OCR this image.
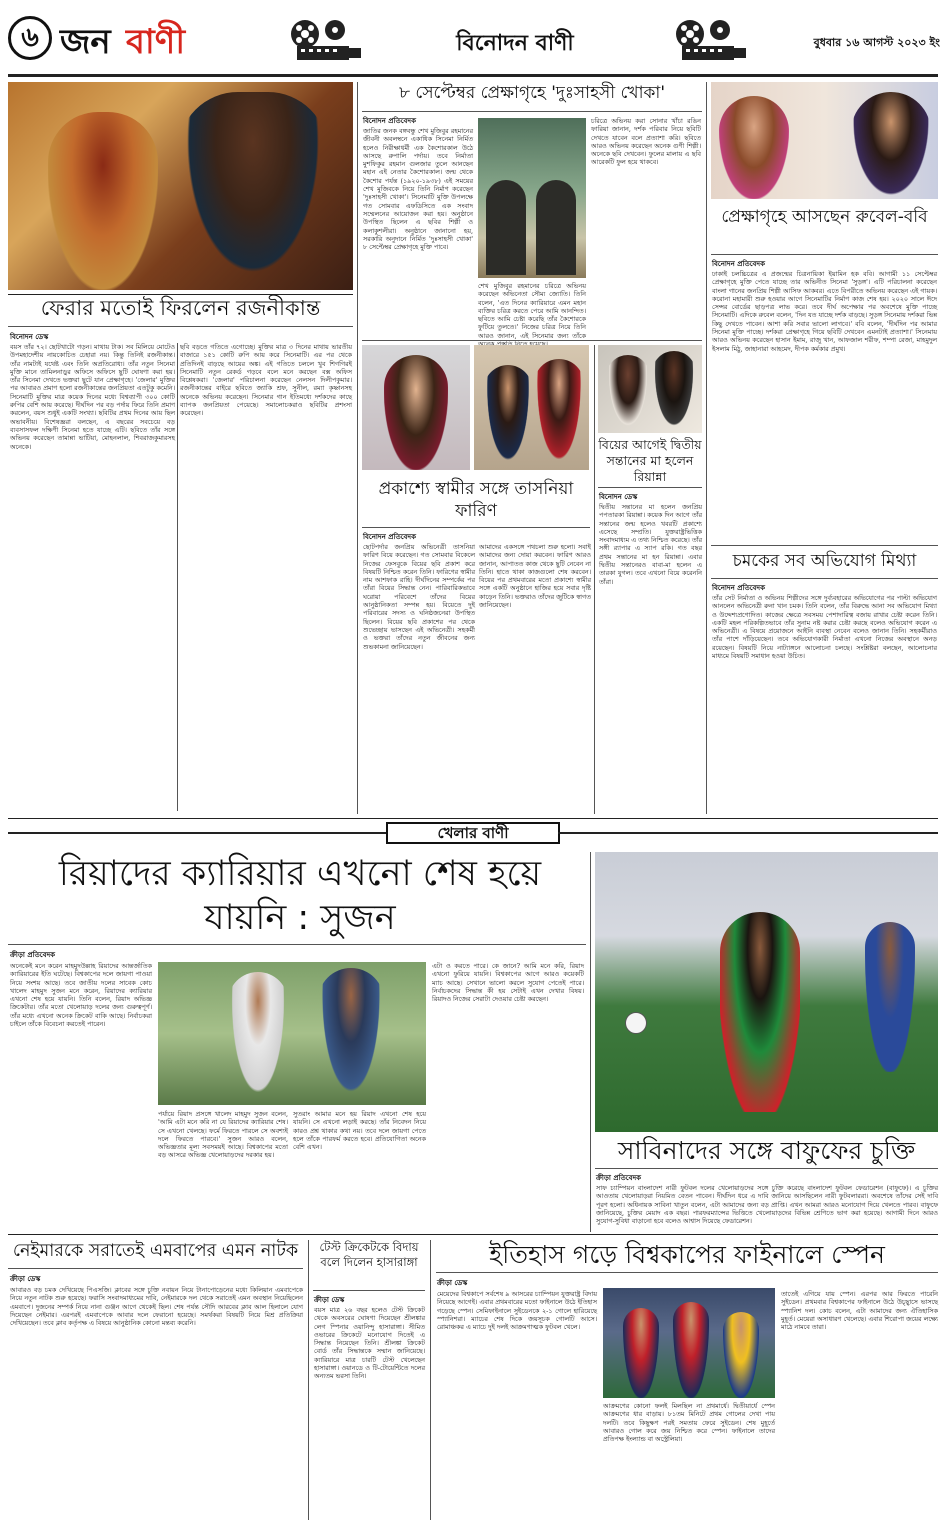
৬ জন বাণী	বিনোদন বাণী	বুধবার ১৬ আগস্ট ২০২৩ ইং
ফেরার মতোই ফিরলেন রজনীকান্ত
বিনোদন ডেস্ক
বয়স তাঁর ৭২। ছোটখাটো গড়ন। মাথায় টাক। সব মিলিয়ে মোটেও উপমহাদেশীয় নায়কোচিত চেহারা নয়। কিন্তু তিনিই রজনীকান্ত। তাঁর নামটাই যথেষ্ট এবং তিনি অপ্রতিরোধ্য। তাঁর নতুন সিনেমা মুক্তি মানে তামিলনাড়ুর অফিসে অফিসে ছুটি ঘোষণা করা হয়। তাঁর সিনেমা দেখতে ভক্তরা ছুটে যান প্রেক্ষাগৃহে। 'জেলার' মুক্তির পর আবারও প্রমাণ হলো রজনীকান্তের জনপ্রিয়তা এতটুকু কমেনি। সিনেমাটি মুক্তির মাত্র কয়েক দিনের মধ্যে বিশ্বব্যাপী ৩০০ কোটি রুপির বেশি আয় করেছে। দীর্ঘদিন পর বড় পর্দায় ফিরে তিনি প্রমাণ করলেন, বয়স শুধুই একটি সংখ্যা। ছবিটির প্রথম দিনের আয় ছিল অভাবনীয়। বিশেষজ্ঞরা বলছেন, এ বছরের সবচেয়ে বড় ব্যবসাসফল দক্ষিণী সিনেমা হতে যাচ্ছে এটি। ছবিতে তাঁর সঙ্গে অভিনয় করেছেন তামান্না ভাটিয়া, মোহনলাল, শিবরাজকুমারসহ অনেকে।
ছবি বড়তে গতিতে এগোচ্ছে। মুক্তির মাত্র ৩ দিনের মাথায় ভারতীয় বাজারে ১৫১ কোটি রুপি আয় করে সিনেমাটি। এর পর থেকে প্রতিদিনই বাড়ছে আয়ের অঙ্ক। এই গতিতে চললে খুব শিগগিরই সিনেমাটি নতুন রেকর্ড গড়বে বলে মনে করছেন বক্স অফিস বিশ্লেষকরা। 'জেলার' পরিচালনা করেছেন নেলসন দিলীপকুমার। রজনীকান্তের বাইরে ছবিতে জ্যাকি শ্রফ, সুনীল, রম্যা কৃষ্ণানসহ অনেকে অভিনয় করেছেন। সিনেমার গান ইতিমধ্যে দর্শকদের কাছে ব্যাপক জনপ্রিয়তা পেয়েছে। সমালোচকরাও ছবিটির প্রশংসা করেছেন।
৮ সেপ্টেম্বর প্রেক্ষাগৃহে 'দুঃসাহসী খোকা'
বিনোদন প্রতিবেদক
জাতির জনক বঙ্গবন্ধু শেখ মুজিবুর রহমানের জীবনী অবলম্বনে একাধিক সিনেমা নির্মিত হলেও নিরীক্ষাধর্মী এক কৈশোরকাল উঠে আসছে রুপালি পর্দায়। তবে নির্মাতা মুশফিকুর রহমান গুলজার তুলে আনছেন মহান এই নেতার কৈশোরকাল। জন্ম থেকে কৈশোর পর্যন্ত (১৯২০-১৯৩৮) এই সময়ের শেখ মুজিবকে নিয়ে তিনি নির্মাণ করেছেন 'দুঃসাহসী খোকা'। সিনেমাটি মুক্তি উপলক্ষে গত সোমবার এফডিসিতে এক সংবাদ সম্মেলনের আয়োজন করা হয়। অনুষ্ঠানে উপস্থিত ছিলেন এ ছবির শিল্পী ও কলাকুশলীরা। অনুষ্ঠানে জানানো হয়, সরকারি অনুদানে নির্মিত 'দুঃসাহসী খোকা' ৮ সেপ্টেম্বর প্রেক্ষাগৃহে মুক্তি পাবে।
শেখ মুজিবুর রহমানের চরিত্রে অভিনয় করেছেন অভিনেতা সৌম্য জ্যোতি। তিনি বলেন, 'এত দিনের ক্যারিয়ারে এমন মহান ব্যক্তির চরিত্র করতে পেরে আমি আনন্দিত। ছবিতে আমি চেষ্টা করেছি তাঁর কৈশোরকে ফুটিয়ে তুলতে।' নিজের চরিত্র নিয়ে তিনি আরও জানান, এই সিনেমার জন্য তাঁকে
চরিত্রে অভিনয় করা সোনার খাঁচা রঙিন ফারিয়া জানান, দর্শক পরিবার নিয়ে ছবিটি দেখতে যাবেন বলে প্রত্যাশা করি। ছবিতে আরও অভিনয় করেছেন অনেক গুণী শিল্পী। অনেকে ছবি দেখবেন। ফুলের মালায় এ ছবি আরেকটি ফুল হয়ে থাকবে।
প্রেক্ষাগৃহে আসছেন রুবেল-ববি
বিনোদন প্রতিবেদক
ঢাকাই চলচ্চিত্রের এ প্রজন্মের চিত্রনায়িকা ইয়ামিন হক ববি। আগামী ১১ সেপ্টেম্বর প্রেক্ষাগৃহে মুক্তি পেতে যাচ্ছে তার অভিনীত সিনেমা 'সুড়ঙ্গ'। এটি পরিচালনা করেছেন বাংলা গানের জনপ্রিয় শিল্পী আসিফ আকবর। এতে বিপরীতে অভিনয় করেছেন এই গায়ক। করোনা মহামারী শুরু হওয়ার আগে সিনেমাটির নির্মাণ কাজ শেষ হয়। ২০২০ সালে ঈদে সেন্সর বোর্ডের ছাড়পত্র লাভ করে। তবে দীর্ঘ অপেক্ষার পর অবশেষে মুক্তি পাচ্ছে সিনেমাটি। এদিকে রুবেল বলেন, 'দিন যত যাচ্ছে দর্শক বাড়ছে। সুড়ঙ্গ সিনেমায় দর্শকরা ভিন্ন কিছু দেখতে পাবেন। আশা করি সবার ভালো লাগবে।' ববি বলেন, 'দীর্ঘদিন পর আমার সিনেমা মুক্তি পাচ্ছে। দর্শকরা প্রেক্ষাগৃহে গিয়ে ছবিটি দেখবেন এমনটাই প্রত্যাশা।' সিনেমায় আরও অভিনয় করেছেন হাসান ইমাম, রাজু খান, আফজাল শরীফ, শম্পা রেজা, মাহমুদুল ইসলাম মিঠু, জাহানারা আহমেদ, দীপক কর্মকার প্রমুখ।
প্রকাশ্যে স্বামীর সঙ্গে তাসনিয়া ফারিণ
বিনোদন প্রতিবেদক
ছোটপর্দার জনপ্রিয় অভিনেত্রী তাসনিয়া ফারিণ বিয়ে করেছেন। গত সোমবার বিকেলে নিজের ফেসবুকে বিয়ের ছবি প্রকাশ করে বিষয়টি নিশ্চিত করেন তিনি। ফারিণের স্বামীর নাম আশফাক রাহি। দীর্ঘদিনের সম্পর্কের পর তাঁরা বিয়ের সিদ্ধান্ত নেন। পারিবারিকভাবে ঘরোয়া পরিবেশে তাঁদের বিয়ের আনুষ্ঠানিকতা সম্পন্ন হয়। বিয়েতে দুই পরিবারের সদস্য ও ঘনিষ্ঠজনেরা উপস্থিত ছিলেন। বিয়ের ছবি প্রকাশের পর থেকে শুভেচ্ছায় ভাসছেন এই অভিনেত্রী। সহকর্মী ও ভক্তরা তাঁদের নতুন জীবনের জন্য শুভকামনা জানিয়েছেন।
আমাদের একসঙ্গে পথচলা শুরু হলো। সবাই আমাদের জন্য দোয়া করবেন। ফারিণ আরও জানান, আপাতত কাজ থেকে ছুটি নেবেন না তিনি। হাতে থাকা কাজগুলো শেষ করবেন। বিয়ের পর প্রথমবারের মতো প্রকাশ্যে স্বামীর সঙ্গে একটি অনুষ্ঠানে হাজির হয়ে সবার দৃষ্টি কাড়েন তিনি। ভক্তরাও তাঁদের জুটিকে স্বাগত জানিয়েছেন।
বিয়ের আগেই দ্বিতীয় সন্তানের মা হলেন রিয়ান্না
বিনোদন ডেস্ক
দ্বিতীয় সন্তানের মা হলেন জনপ্রিয় পপতারকা রিয়ান্না। কয়েক দিন আগে তাঁর সন্তানের জন্ম হলেও খবরটি প্রকাশ্যে এসেছে সম্প্রতি। যুক্তরাষ্ট্রভিত্তিক সংবাদমাধ্যম এ তথ্য নিশ্চিত করেছে। তাঁর সঙ্গী র‍্যাপার এ স্যাপ রকি। গত বছর প্রথম সন্তানের মা হন রিয়ান্না। এবার দ্বিতীয় সন্তানেরও বাবা-মা হলেন এ তারকা যুগল। তবে এখনো বিয়ে করেননি তাঁরা।
চমকের সব অভিযোগ মিথ্যা
বিনোদন প্রতিবেদক
তাঁর সেট নির্মাতা ও অভিনয় শিল্পীদের সঙ্গে দুর্ব্যবহারের অভিযোগের পর পাল্টা অভিযোগ আনলেন অভিনেত্রী রুনা খান চমক। তিনি বলেন, তাঁর বিরুদ্ধে আনা সব অভিযোগ মিথ্যা ও উদ্দেশ্যপ্রণোদিত। কাজের ক্ষেত্রে সবসময় পেশাদারিত্ব বজায় রাখার চেষ্টা করেন তিনি। একটি মহল পরিকল্পিতভাবে তাঁর সুনাম নষ্ট করার চেষ্টা করছে বলেও অভিযোগ করেন এ অভিনেত্রী। এ বিষয়ে প্রয়োজনে আইনি ব্যবস্থা নেবেন বলেও জানান তিনি। সহকর্মীরাও তাঁর পাশে দাঁড়িয়েছেন। তবে অভিযোগকারী নির্মাতা এখনো নিজের অবস্থানে অনড় রয়েছেন। বিষয়টি নিয়ে নাট্যাঙ্গনে আলোচনা চলছে। সংশ্লিষ্টরা বলছেন, আলোচনার মাধ্যমে বিষয়টি সমাধান হওয়া উচিত।
খেলার বাণী
রিয়াদের ক্যারিয়ার এখনো শেষ হয়ে যায়নি : সুজন
ক্রীড়া প্রতিবেদক
অনেকেই মনে করেন মাহমুদউল্লাহ রিয়াদের আন্তর্জাতিক ক্যারিয়ারের ইতি ঘটেছে। বিশ্বকাপের দলে জায়গা পাওয়া নিয়ে সংশয় আছে। তবে জাতীয় দলের সাবেক কোচ খালেদ মাহমুদ সুজন মনে করেন, রিয়াদের ক্যারিয়ার এখনো শেষ হয়ে যায়নি। তিনি বলেন, রিয়াদ অভিজ্ঞ ক্রিকেটার। তাঁর মতো খেলোয়াড় দলের জন্য গুরুত্বপূর্ণ। তাঁর মধ্যে এখনো অনেক ক্রিকেট বাকি আছে। নির্বাচকরা চাইলে তাঁকে বিবেচনা করতেই পারেন।
পর্যায়ে রিয়াদ প্রসঙ্গে খালেদ মাহমুদ সুজন বলেন, 'আমি এটা মনে করি না যে রিয়াদের ক্যারিয়ার শেষ। সে এখনো খেলছে। ফর্মে ফিরতে পারলে সে অবশ্যই দলে ফিরতে পারবে।' সুজন আরও বলেন, অভিজ্ঞতার মূল্য সবসময়ই আছে। বিশ্বকাপের মতো বড় আসরে অভিজ্ঞ খেলোয়াড়দের দরকার হয়।
সুতরাং আমার মনে হয় রিয়াদ এখনো শেষ হয়ে যায়নি। সে এখনো লড়াই করছে। তাঁর নিবেদন নিয়ে কারও প্রশ্ন থাকার কথা নয়। তবে দলে জায়গা পেতে হলে তাঁকে পারফর্ম করতে হবে। প্রতিযোগিতা অনেক বেশি এখন।
এটা ও করতে পারে। কে জানে? আমি মনে করি, রিয়াদ এখনো ফুরিয়ে যায়নি। বিশ্বকাপের আগে আরও কয়েকটি ম্যাচ আছে। সেখানে ভালো করলে সুযোগ পেতেই পারে। নির্বাচকদের সিদ্ধান্ত কী হয় সেটাই এখন দেখার বিষয়। রিয়াদও নিজের সেরাটা দেওয়ার চেষ্টা করছেন।
সাবিনাদের সঙ্গে বাফুফের চুক্তি
ক্রীড়া প্রতিবেদক
সাফ চ্যাম্পিয়ন বাংলাদেশ নারী ফুটবল দলের খেলোয়াড়দের সঙ্গে চুক্তি করেছে বাংলাদেশ ফুটবল ফেডারেশন (বাফুফে)। এ চুক্তির আওতায় খেলোয়াড়রা নিয়মিত বেতন পাবেন। দীর্ঘদিন ধরে এ দাবি জানিয়ে আসছিলেন নারী ফুটবলাররা। অবশেষে তাঁদের সেই দাবি পূরণ হলো। অধিনায়ক সাবিনা খাতুন বলেন, এটা আমাদের জন্য বড় প্রাপ্তি। এখন আমরা আরও মনোযোগ দিয়ে খেলতে পারব। বাফুফে জানিয়েছে, চুক্তির মেয়াদ এক বছর। পারফরম্যান্সের ভিত্তিতে খেলোয়াড়দের বিভিন্ন শ্রেণিতে ভাগ করা হয়েছে। আগামী দিনে আরও সুযোগ-সুবিধা বাড়ানো হবে বলেও আশ্বাস দিয়েছে ফেডারেশন।
নেইমারকে সরাতেই এমবাপের এমন নাটক
ক্রীড়া ডেস্ক
আবারও বড় চমক দেখিয়েছে পিএসজি। ক্লাবের সঙ্গে চুক্তি নবায়ন নিয়ে টানাপোড়েনের মধ্যে কিলিয়ান এমবাপেকে নিয়ে নতুন নাটক শুরু হয়েছে। ফরাসি সংবাদমাধ্যমের দাবি, নেইমারকে দল থেকে সরাতেই এমন অবস্থান নিয়েছিলেন এমবাপে। দুজনের সম্পর্ক নিয়ে নানা গুঞ্জন আগে থেকেই ছিল। শেষ পর্যন্ত সৌদি আরবের ক্লাব আল হিলালে যোগ দিয়েছেন নেইমার। এরপরই এমবাপেকে আবার দলে ফেরানো হয়েছে। সমর্থকরা বিষয়টি নিয়ে মিশ্র প্রতিক্রিয়া দেখিয়েছেন। তবে ক্লাব কর্তৃপক্ষ এ বিষয়ে আনুষ্ঠানিক কোনো মন্তব্য করেনি।
টেস্ট ক্রিকেটকে বিদায় বলে দিলেন হাসারাঙ্গা
ক্রীড়া ডেস্ক
বয়স মাত্র ২৬ বছর হলেও টেস্ট ক্রিকেট থেকে অবসরের ঘোষণা দিয়েছেন শ্রীলঙ্কার লেগ স্পিনার ওয়ানিন্দু হাসারাঙ্গা। সীমিত ওভারের ক্রিকেটে মনোযোগ দিতেই এ সিদ্ধান্ত নিয়েছেন তিনি। শ্রীলঙ্কা ক্রিকেট বোর্ড তাঁর সিদ্ধান্তকে সম্মান জানিয়েছে। ক্যারিয়ারে মাত্র চারটি টেস্ট খেলেছেন হাসারাঙ্গা। ওয়ানডে ও টি-টোয়েন্টিতে দলের অন্যতম ভরসা তিনি।
ইতিহাস গড়ে বিশ্বকাপের ফাইনালে স্পেন
ক্রীড়া ডেস্ক
মেয়েদের বিশ্বকাপে সর্বশেষ ৯ আসরের চ্যাম্পিয়ন যুক্তরাষ্ট্র বিদায় নিয়েছে আগেই। এবার প্রথমবারের মতো ফাইনালে উঠে ইতিহাস গড়েছে স্পেন। সেমিফাইনালে সুইডেনকে ২-১ গোলে হারিয়েছে স্প্যানিশরা। ম্যাচের শেষ দিকে জয়সূচক গোলটি আসে। রোমাঞ্চকর এ ম্যাচে দুই দলই আক্রমণাত্মক ফুটবল খেলে।
আক্রমণের কোনো ফলই মিলছিল না প্রথমার্ধে। দ্বিতীয়ার্ধে স্পেন আক্রমণের ধার বাড়ায়। ৮১তম মিনিটে প্রথম গোলের দেখা পায় দলটি। তবে কিছুক্ষণ পরই সমতায় ফেরে সুইডেন। শেষ মুহূর্তে আবারও গোল করে জয় নিশ্চিত করে স্পেন। ফাইনালে তাদের প্রতিপক্ষ ইংল্যান্ড বা অস্ট্রেলিয়া।
তাতেই এগিয়ে যায় স্পেন। এরপর আর ফিরতে পারেনি সুইডেন। প্রথমবার বিশ্বকাপের ফাইনালে উঠে উচ্ছ্বাসে ভাসছে স্প্যানিশ দল। কোচ বলেন, এটা আমাদের জন্য ঐতিহাসিক মুহূর্ত। মেয়েরা অসাধারণ খেলেছে। এবার শিরোপা জয়ের লক্ষ্যে মাঠে নামবে তারা।
